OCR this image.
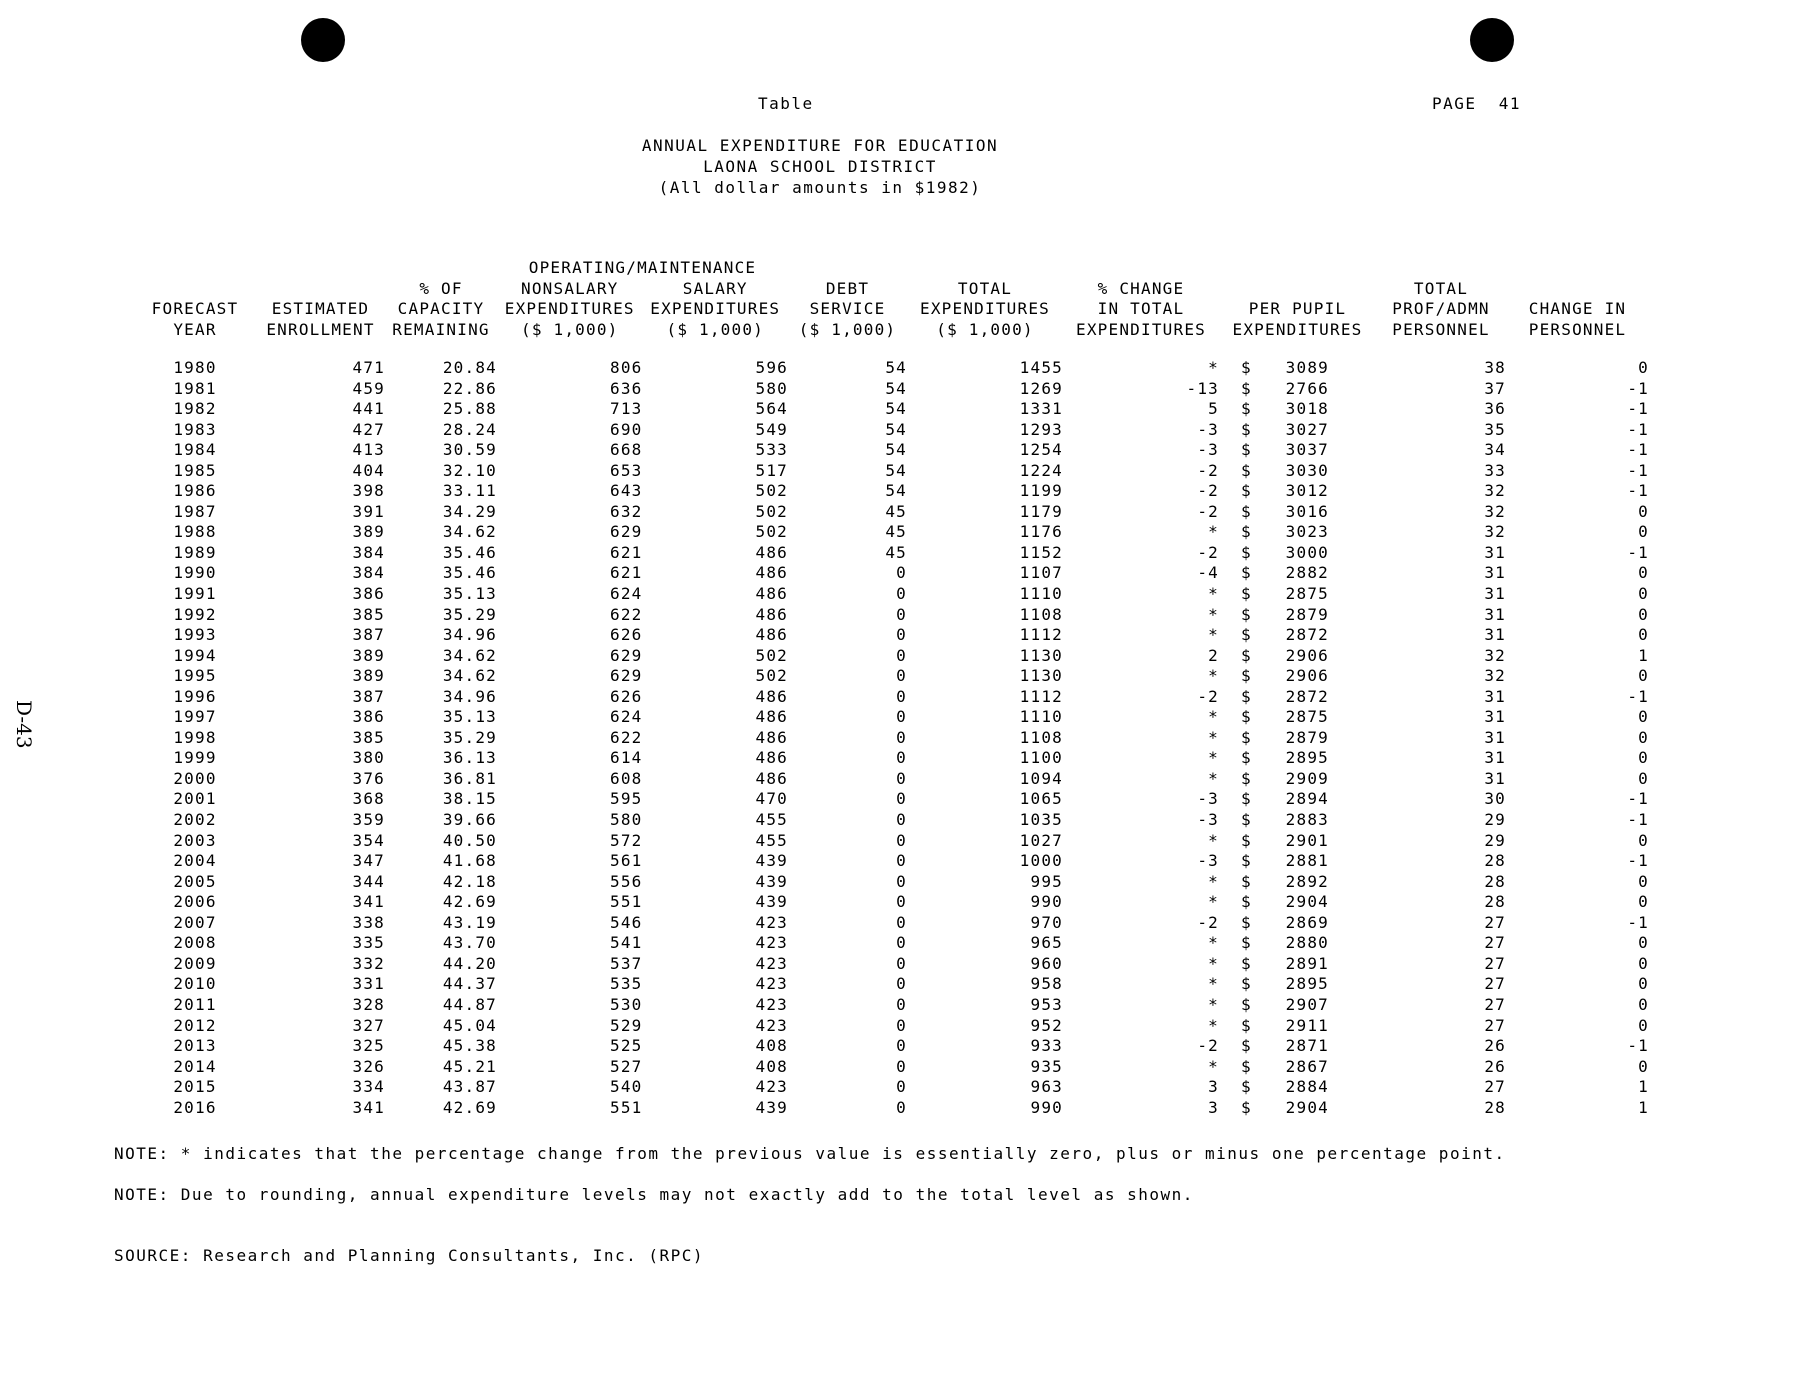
Table	PAGE  41
ANNUAL EXPENDITURE FOR EDUCATION
LAONA SCHOOL DISTRICT
(All dollar amounts in $1982)
D-43
			OPERATING/MAINTENANCE							
		% OF	NONSALARY	SALARY	DEBT	TOTAL	% CHANGE		TOTAL	
FORECAST	ESTIMATED	CAPACITY	EXPENDITURES	EXPENDITURES	SERVICE	EXPENDITURES	IN TOTAL	PER PUPIL	PROF/ADMN	CHANGE IN
YEAR	ENROLLMENT	REMAINING	($ 1,000)	($ 1,000)	($ 1,000)	($ 1,000)	EXPENDITURES	EXPENDITURES	PERSONNEL	PERSONNEL

1980	471	20.84	806	596	54	1455	*	$ 3089	38	0
1981	459	22.86	636	580	54	1269	-13	$ 2766	37	-1
1982	441	25.88	713	564	54	1331	5	$ 3018	36	-1
1983	427	28.24	690	549	54	1293	-3	$ 3027	35	-1
1984	413	30.59	668	533	54	1254	-3	$ 3037	34	-1
1985	404	32.10	653	517	54	1224	-2	$ 3030	33	-1
1986	398	33.11	643	502	54	1199	-2	$ 3012	32	-1
1987	391	34.29	632	502	45	1179	-2	$ 3016	32	0
1988	389	34.62	629	502	45	1176	*	$ 3023	32	0
1989	384	35.46	621	486	45	1152	-2	$ 3000	31	-1
1990	384	35.46	621	486	0	1107	-4	$ 2882	31	0
1991	386	35.13	624	486	0	1110	*	$ 2875	31	0
1992	385	35.29	622	486	0	1108	*	$ 2879	31	0
1993	387	34.96	626	486	0	1112	*	$ 2872	31	0
1994	389	34.62	629	502	0	1130	2	$ 2906	32	1
1995	389	34.62	629	502	0	1130	*	$ 2906	32	0
1996	387	34.96	626	486	0	1112	-2	$ 2872	31	-1
1997	386	35.13	624	486	0	1110	*	$ 2875	31	0
1998	385	35.29	622	486	0	1108	*	$ 2879	31	0
1999	380	36.13	614	486	0	1100	*	$ 2895	31	0
2000	376	36.81	608	486	0	1094	*	$ 2909	31	0
2001	368	38.15	595	470	0	1065	-3	$ 2894	30	-1
2002	359	39.66	580	455	0	1035	-3	$ 2883	29	-1
2003	354	40.50	572	455	0	1027	*	$ 2901	29	0
2004	347	41.68	561	439	0	1000	-3	$ 2881	28	-1
2005	344	42.18	556	439	0	995	*	$ 2892	28	0
2006	341	42.69	551	439	0	990	*	$ 2904	28	0
2007	338	43.19	546	423	0	970	-2	$ 2869	27	-1
2008	335	43.70	541	423	0	965	*	$ 2880	27	0
2009	332	44.20	537	423	0	960	*	$ 2891	27	0
2010	331	44.37	535	423	0	958	*	$ 2895	27	0
2011	328	44.87	530	423	0	953	*	$ 2907	27	0
2012	327	45.04	529	423	0	952	*	$ 2911	27	0
2013	325	45.38	525	408	0	933	-2	$ 2871	26	-1
2014	326	45.21	527	408	0	935	*	$ 2867	26	0
2015	334	43.87	540	423	0	963	3	$ 2884	27	1
2016	341	42.69	551	439	0	990	3	$ 2904	28	1
NOTE: * indicates that the percentage change from the previous value is essentially zero, plus or minus one percentage point.
NOTE: Due to rounding, annual expenditure levels may not exactly add to the total level as shown.
SOURCE: Research and Planning Consultants, Inc. (RPC)
